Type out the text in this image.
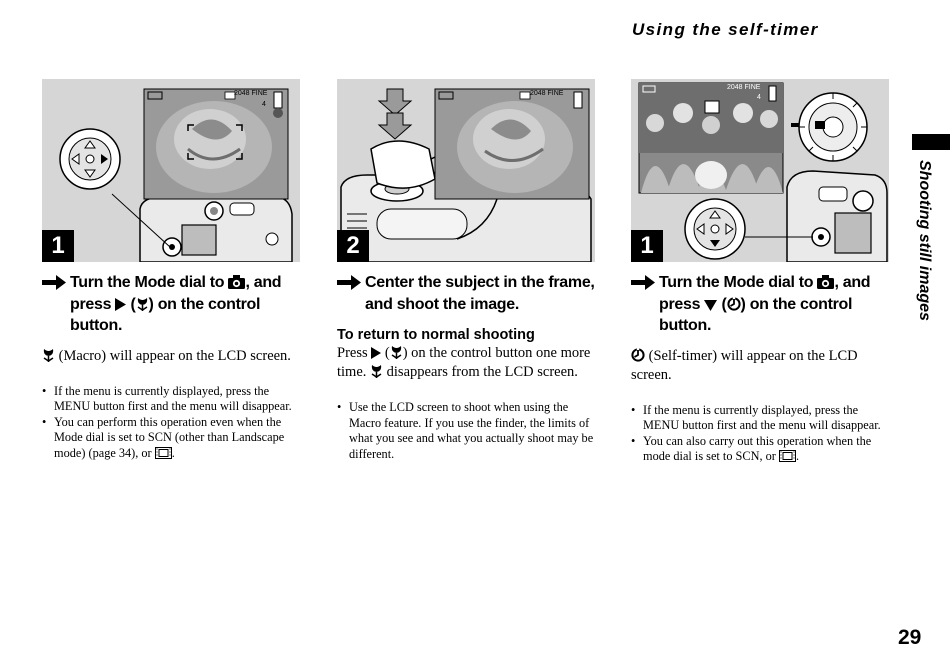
Using the self-timer
Shooting still images
29
2048 FINE
4
1
Turn the Mode dial to
, and press
( ) on the control button.
(Macro) will appear on the LCD screen.
• If the menu is currently displayed, press the MENU button first and the menu will disappear.
• You can perform this operation even when the Mode dial is set to SCN (other than Landscape mode) (page 34), or .
2048 FINE
2
Center the subject in the frame, and shoot the image.
To return to normal shooting
Press
( ) on the control button one more time.
disappears from the LCD screen.
• Use the LCD screen to shoot when using the Macro feature. If you use the finder, the limits of what you see and what you actually shoot may be different.
2048 FINE
4
1
Turn the Mode dial to
, and press
( ) on the control button.
(Self-timer) will appear on the LCD screen.
• If the menu is currently displayed, press the MENU button first and the menu will disappear.
• You can also carry out this operation when the mode dial is set to SCN, or .
